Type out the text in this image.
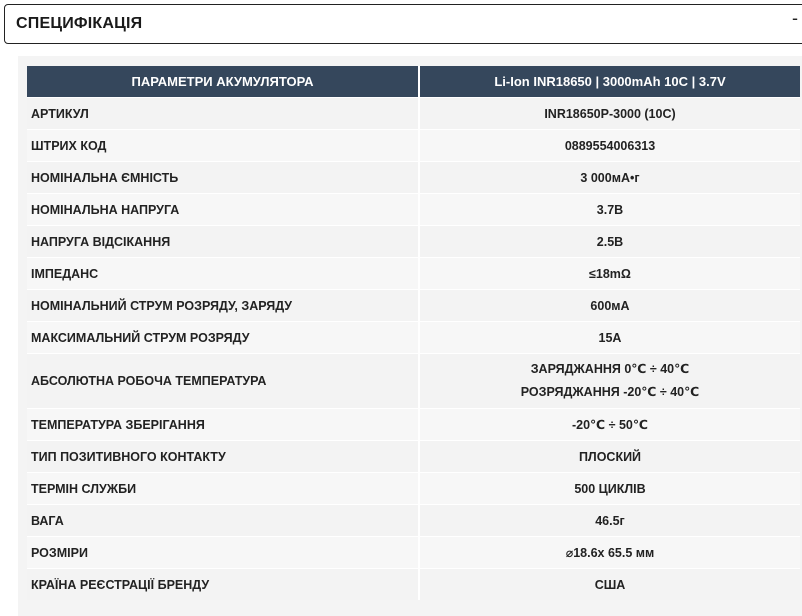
СПЕЦИФІКАЦІЯ	-
ПАРАМЕТРИ АКУМУЛЯТОРА	Li-Ion INR18650 | 3000mAh 10C | 3.7V
АРТИКУЛ	INR18650P-3000 (10C)
ШТРИХ КОД	0889554006313
НОМІНАЛЬНА ЄМНІСТЬ	3 000мА•г
НОМІНАЛЬНА НАПРУГА	3.7В
НАПРУГА ВІДСІКАННЯ	2.5В
ІМПЕДАНС	≤18mΩ
НОМІНАЛЬНИЙ СТРУМ РОЗРЯДУ, ЗАРЯДУ	600мА
МАКСИМАЛЬНИЙ СТРУМ РОЗРЯДУ	15А
АБСОЛЮТНА РОБОЧА ТЕМПЕРАТУРА	ЗАРЯДЖАННЯ 0℃ ÷ 40℃
РОЗРЯДЖАННЯ -20℃ ÷ 40℃

ТЕМПЕРАТУРА ЗБЕРІГАННЯ	-20℃ ÷ 50℃
ТИП ПОЗИТИВНОГО КОНТАКТУ	ПЛОСКИЙ
ТЕРМІН СЛУЖБИ	500 ЦИКЛІВ
ВАГА	46.5г
РОЗМІРИ	⌀18.6x 65.5 мм
КРАЇНА РЕЄСТРАЦІЇ БРЕНДУ	США
